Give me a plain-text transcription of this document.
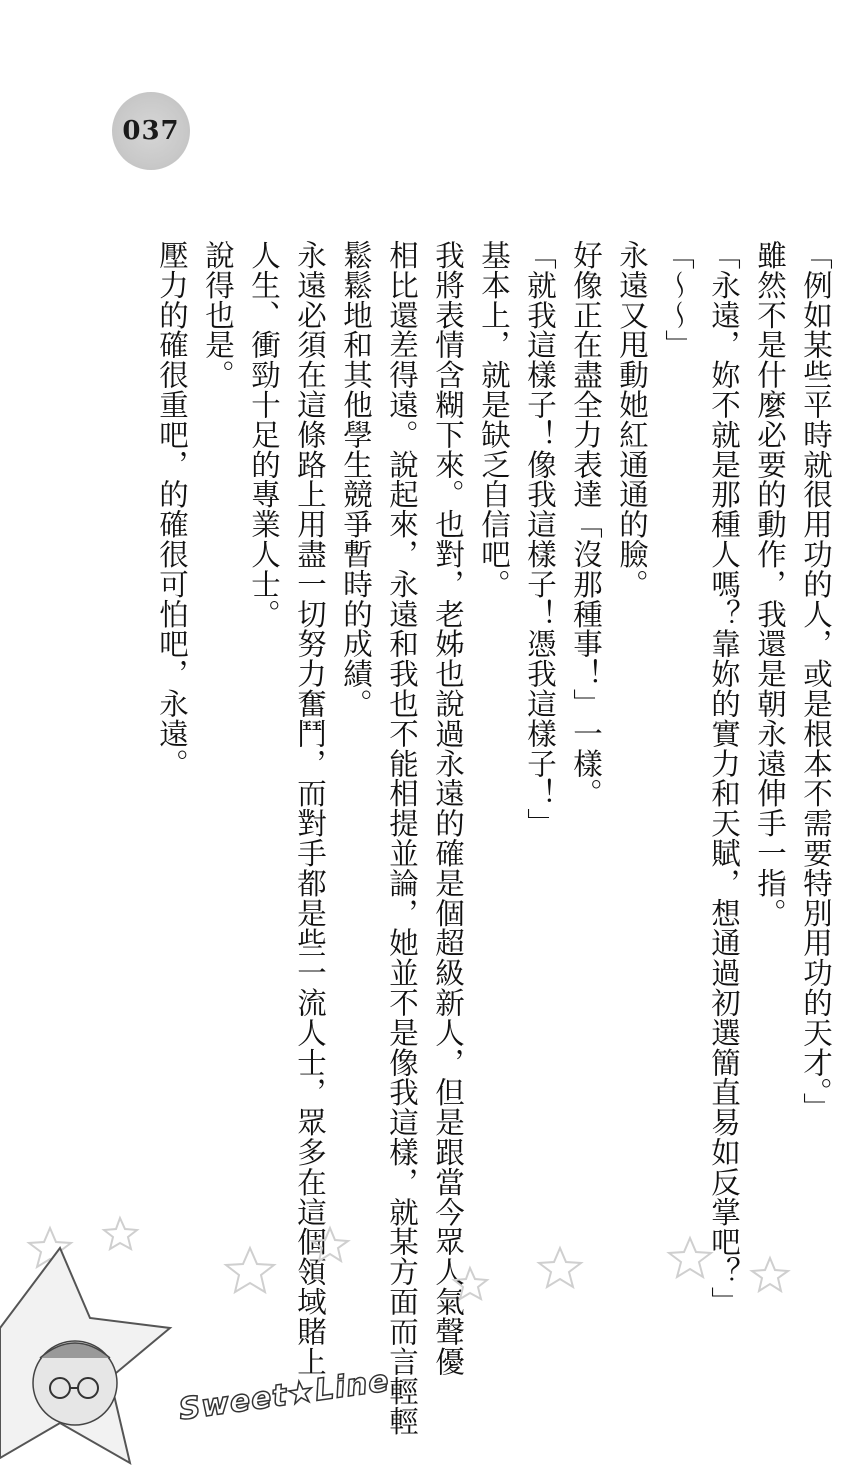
037
「例如某些平時就很用功的人，或是根本不需要特別用功的天才。」
雖然不是什麼必要的動作，我還是朝永遠伸手一指。
「永遠，妳不就是那種人嗎？靠妳的實力和天賦，想通過初選簡直易如反掌吧？」
「〜〜」
永遠又甩動她紅通通的臉。
好像正在盡全力表達「沒那種事！」一樣。
「就我這樣子！像我這樣子！憑我這樣子！」
基本上，就是缺乏自信吧。
我將表情含糊下來。也對，老姊也說過永遠的確是個超級新人，但是跟當今眾人氣聲優
相比還差得遠。說起來，永遠和我也不能相提並論，她並不是像我這樣，就某方面而言輕輕
鬆鬆地和其他學生競爭暫時的成績。
永遠必須在這條路上用盡一切努力奮鬥，而對手都是些一流人士，眾多在這個領域賭上
人生、衝勁十足的專業人士。
說得也是。
壓力的確很重吧，的確很可怕吧，永遠。
Sweet★Line
